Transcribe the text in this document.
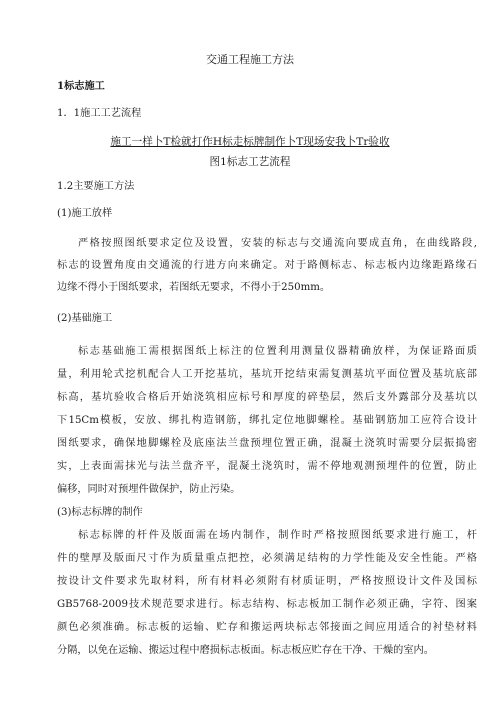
交通工程施工方法

1标志施工

1．1施工工艺流程

施工一样卜T检就打作H标走标牌制作卜T现场安我卜Tr验收

图1标志工艺流程

1.2主要施工方法

(1)施工放样

严格按照图纸要求定位及设置，安装的标志与交通流向要成直角，在曲线路段,

标志的设置角度由交通流的行进方向来确定。对于路侧标志、标志板内边缘距路缘石

边缘不得小于图纸要求，若图纸无要求，不得小于250mm。

(2)基础施工

标志基础施工需根据图纸上标注的位置利用测量仪器精确放样，为保证路面质

量，利用轮式挖机配合人工开挖基坑，基坑开挖结束需复测基坑平面位置及基坑底部

标高，基坑验收合格后开始浇筑相应标号和厚度的碎垫层，然后支外露部分及基坑以

下15Cm模板，安放、绑扎构造钢筋，绑扎定位地脚螺栓。基础钢筋加工应符合设计

图纸要求，确保地脚螺栓及底座法兰盘预埋位置正确，混凝土浇筑时需要分层振捣密

实，上表面需抹光与法兰盘齐平，混凝土浇筑时，需不停地观测预埋件的位置，防止

偏移，同时对预埋件做保护，防止污染。

(3)标志标牌的制作

标志标牌的杆件及版面需在场内制作，制作时严格按照图纸要求进行施工，杆

件的壁厚及版面尺寸作为质量重点把控，必须满足结构的力学性能及安全性能。严格

按设计文件要求先取材料，所有材料必须附有材质证明，严格按照设计文件及国标

GB5768-2009技术规范要求进行。标志结构、标志板加工制作必须正确，字符、图案

颜色必须准确。标志板的运输、贮存和搬运两块标志邻接面之间应用适合的衬垫材料

分隔，以免在运输、搬运过程中磨损标志板面。标志板应贮存在干净、干燥的室内。
